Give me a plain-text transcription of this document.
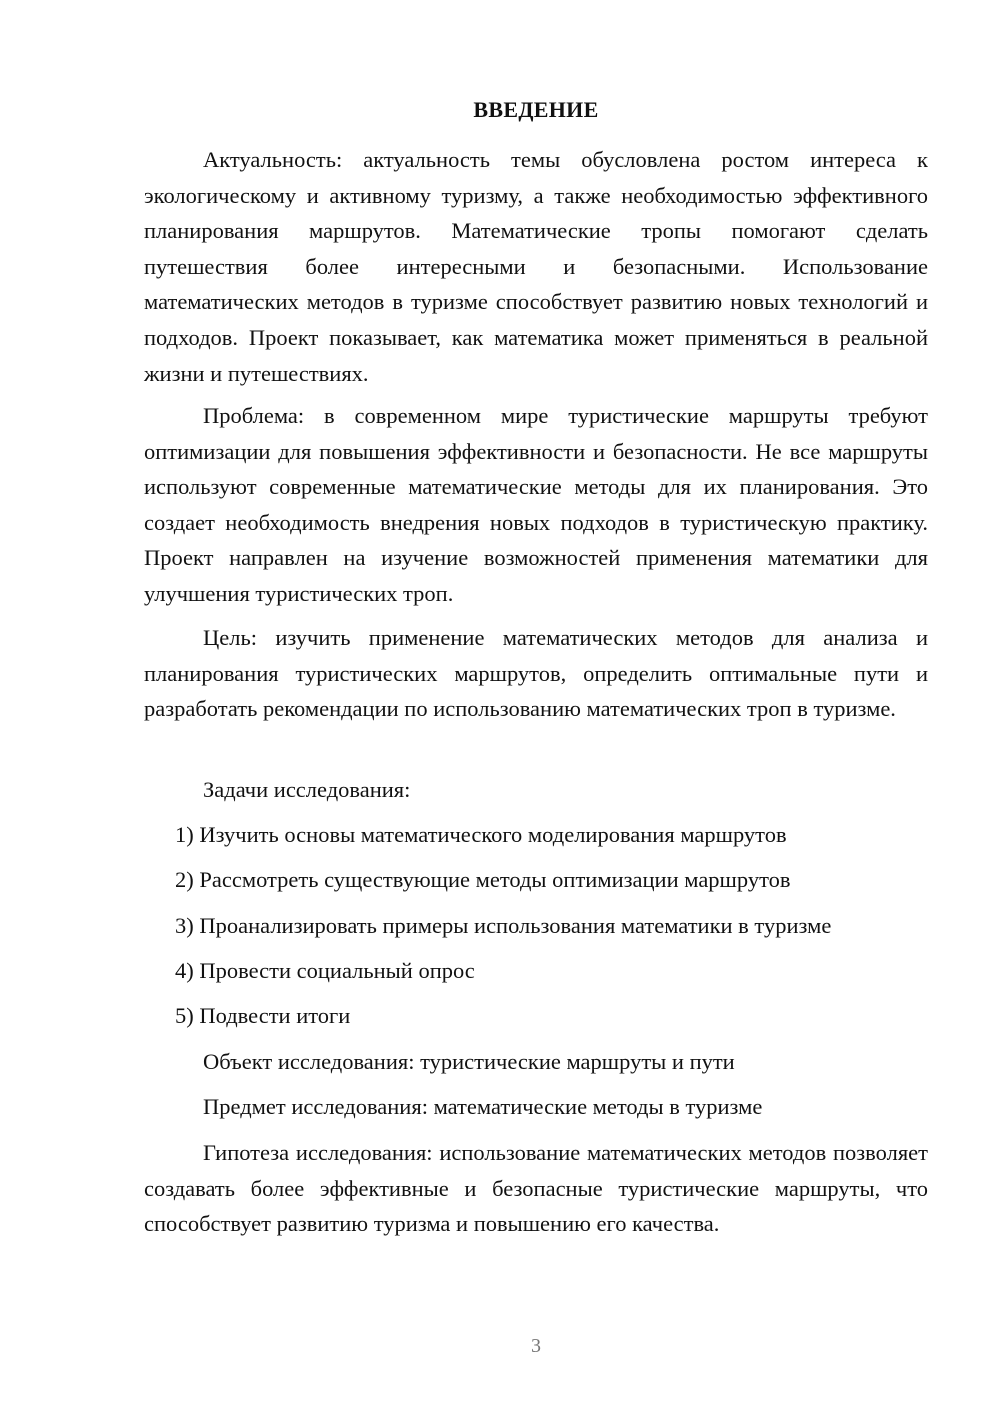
ВВЕДЕНИЕ

Актуальность: актуальность темы обусловлена ростом интереса к экологическому и активному туризму, а также необходимостью эффективного планирования маршрутов. Математические тропы помогают сделать путешествия более интересными и безопасными. Использование математических методов в туризме способствует развитию новых технологий и подходов. Проект показывает, как математика может применяться в реальной жизни и путешествиях.

Проблема: в современном мире туристические маршруты требуют оптимизации для повышения эффективности и безопасности. Не все маршруты используют современные математические методы для их планирования. Это создает необходимость внедрения новых подходов в туристическую практику. Проект направлен на изучение возможностей применения математики для улучшения туристических троп.

Цель: изучить применение математических методов для анализа и планирования туристических маршрутов, определить оптимальные пути и разработать рекомендации по использованию математических троп в туризме.

Задачи исследования:

1) Изучить основы математического моделирования маршрутов

2) Рассмотреть существующие методы оптимизации маршрутов

3) Проанализировать примеры использования математики в туризме

4) Провести социальный опрос

5) Подвести итоги

Объект исследования: туристические маршруты и пути

Предмет исследования: математические методы в туризме

Гипотеза исследования: использование математических методов позволяет создавать более эффективные и безопасные туристические маршруты, что способствует развитию туризма и повышению его качества.

3
